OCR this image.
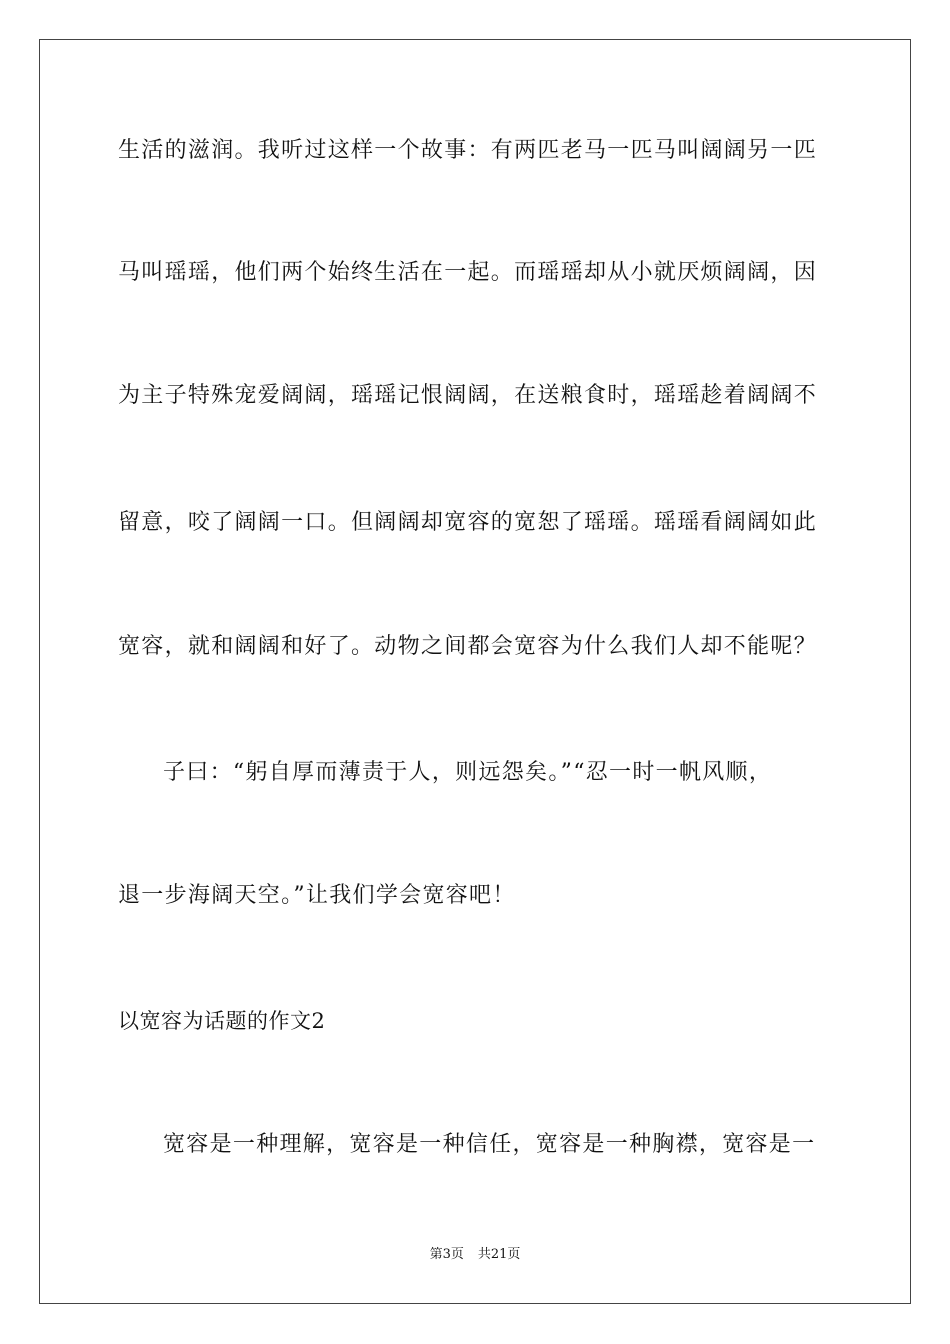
生活的滋润。我听过这样一个故事：有两匹老马一匹马叫阔阔另一匹
马叫瑶瑶，他们两个始终生活在一起。而瑶瑶却从小就厌烦阔阔，因
为主子特殊宠爱阔阔，瑶瑶记恨阔阔，在送粮食时，瑶瑶趁着阔阔不
留意，咬了阔阔一口。但阔阔却宽容的宽恕了瑶瑶。瑶瑶看阔阔如此
宽容，就和阔阔和好了。动物之间都会宽容为什么我们人却不能呢？
子曰：“躬自厚而薄责于人，则远怨矣。”“忍一时一帆风顺，
退一步海阔天空。”让我们学会宽容吧！
以宽容为话题的作文2
宽容是一种理解，宽容是一种信任，宽容是一种胸襟，宽容是一
第3页 共21页
